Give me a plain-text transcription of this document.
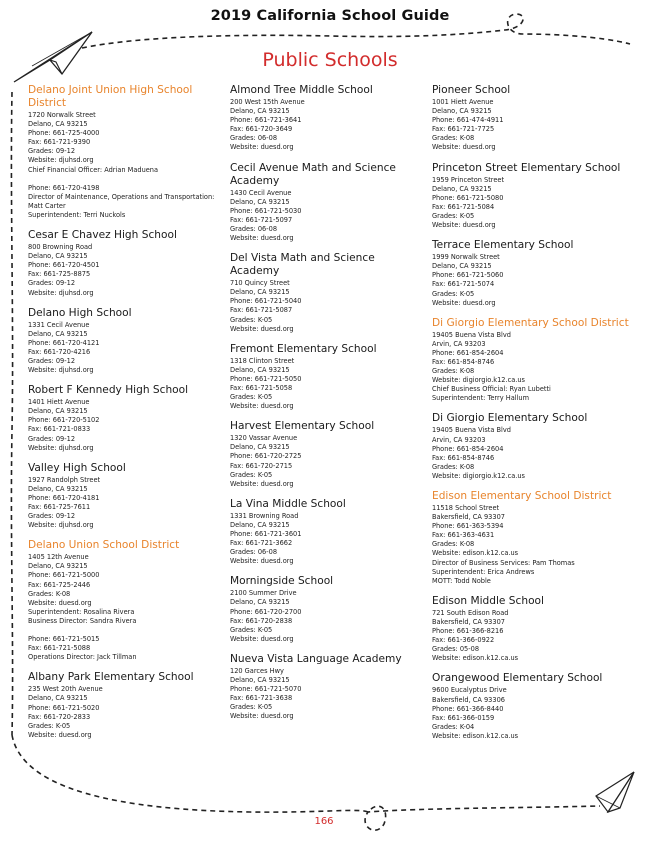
2019 California School Guide
Public Schools
Delano Joint Union High School District
1720 Norwalk Street
Delano, CA 93215
Phone: 661-725-4000
Fax: 661-721-9390
Grades: 09-12
Website: djuhsd.org
Chief Financial Officer: Adrian Maduena
Phone: 661-720-4198
Director of Maintenance, Operations and Transportation:
Matt Carter
Superintendent: Terri Nuckols
Cesar E Chavez High School
800 Browning Road
Delano, CA 93215
Phone: 661-720-4501
Fax: 661-725-8875
Grades: 09-12
Website: djuhsd.org
Delano High School
1331 Cecil Avenue
Delano, CA 93215
Phone: 661-720-4121
Fax: 661-720-4216
Grades: 09-12
Website: djuhsd.org
Robert F Kennedy High School
1401 Hiett Avenue
Delano, CA 93215
Phone: 661-720-5102
Fax: 661-721-0833
Grades: 09-12
Website: djuhsd.org
Valley High School
1927 Randolph Street
Delano, CA 93215
Phone: 661-720-4181
Fax: 661-725-7611
Grades: 09-12
Website: djuhsd.org
Delano Union School District
1405 12th Avenue
Delano, CA 93215
Phone: 661-721-5000
Fax: 661-725-2446
Grades: K-08
Website: duesd.org
Superintendent: Rosalina Rivera
Business Director: Sandra Rivera
Phone: 661-721-5015
Fax: 661-721-5088
Operations Director: Jack Tillman
Albany Park Elementary School
235 West 20th Avenue
Delano, CA 93215
Phone: 661-721-5020
Fax: 661-720-2833
Grades: K-05
Website: duesd.org
Almond Tree Middle School
200 West 15th Avenue
Delano, CA 93215
Phone: 661-721-3641
Fax: 661-720-3649
Grades: 06-08
Website: duesd.org
Cecil Avenue Math and Science Academy
1430 Cecil Avenue
Delano, CA 93215
Phone: 661-721-5030
Fax: 661-721-5097
Grades: 06-08
Website: duesd.org
Del Vista Math and Science Academy
710 Quincy Street
Delano, CA 93215
Phone: 661-721-5040
Fax: 661-721-5087
Grades: K-05
Website: duesd.org
Fremont Elementary School
1318 Clinton Street
Delano, CA 93215
Phone: 661-721-5050
Fax: 661-721-5058
Grades: K-05
Website: duesd.org
Harvest Elementary School
1320 Vassar Avenue
Delano, CA 93215
Phone: 661-720-2725
Fax: 661-720-2715
Grades: K-05
Website: duesd.org
La Vina Middle School
1331 Browning Road
Delano, CA 93215
Phone: 661-721-3601
Fax: 661-721-3662
Grades: 06-08
Website: duesd.org
Morningside School
2100 Summer Drive
Delano, CA 93215
Phone: 661-720-2700
Fax: 661-720-2838
Grades: K-05
Website: duesd.org
Nueva Vista Language Academy
120 Garces Hwy
Delano, CA 93215
Phone: 661-721-5070
Fax: 661-721-3638
Grades: K-05
Website: duesd.org
Pioneer School
1001 Hiett Avenue
Delano, CA 93215
Phone: 661-474-4911
Fax: 661-721-7725
Grades: K-08
Website: duesd.org
Princeton Street Elementary School
1959 Princeton Street
Delano, CA 93215
Phone: 661-721-5080
Fax: 661-721-5084
Grades: K-05
Website: duesd.org
Terrace Elementary School
1999 Norwalk Street
Delano, CA 93215
Phone: 661-721-5060
Fax: 661-721-5074
Grades: K-05
Website: duesd.org
Di Giorgio Elementary School District
19405 Buena Vista Blvd
Arvin, CA 93203
Phone: 661-854-2604
Fax: 661-854-8746
Grades: K-08
Website: digiorgio.k12.ca.us
Chief Business Official: Ryan Lubetti
Superintendent: Terry Hallum
Di Giorgio Elementary School
19405 Buena Vista Blvd
Arvin, CA 93203
Phone: 661-854-2604
Fax: 661-854-8746
Grades: K-08
Website: digiorgio.k12.ca.us
Edison Elementary School District
11518 School Street
Bakersfield, CA 93307
Phone: 661-363-5394
Fax: 661-363-4631
Grades: K-08
Website: edison.k12.ca.us
Director of Business Services: Pam Thomas
Superintendent: Erica Andrews
MOTT: Todd Noble
Edison Middle School
721 South Edison Road
Bakersfield, CA 93307
Phone: 661-366-8216
Fax: 661-366-0922
Grades: 05-08
Website: edison.k12.ca.us
Orangewood Elementary School
9600 Eucalyptus Drive
Bakersfield, CA 93306
Phone: 661-366-8440
Fax: 661-366-0159
Grades: K-04
Website: edison.k12.ca.us
166
